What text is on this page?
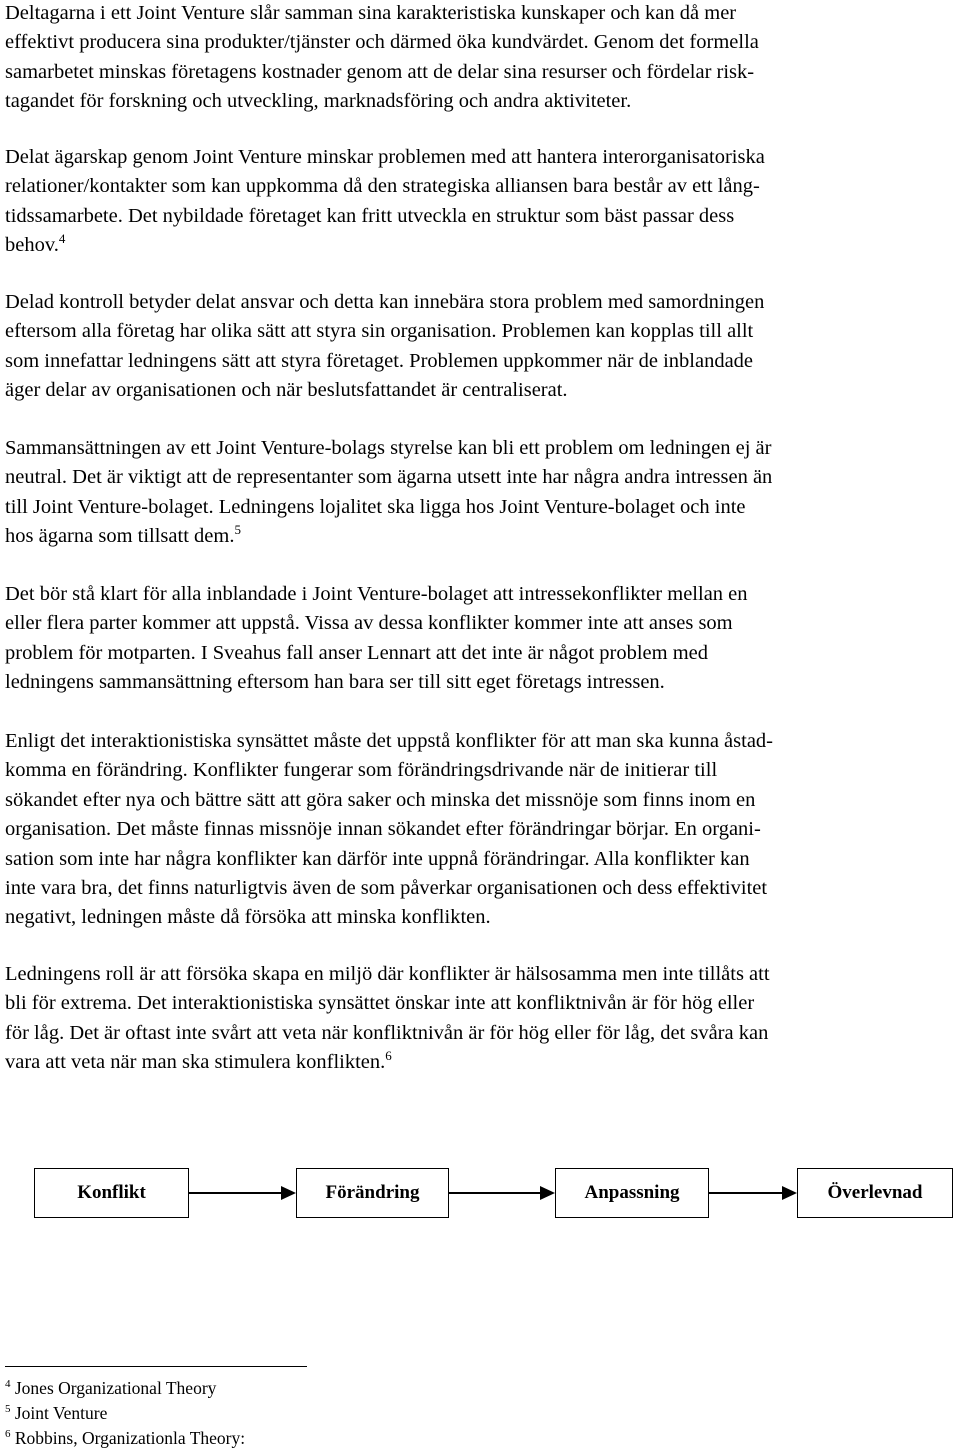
Deltagarna i ett Joint Venture slår samman sina karakteristiska kunskaper och kan då mer
effektivt producera sina produkter/tjänster och därmed öka kundvärdet. Genom det formella
samarbetet minskas företagens kostnader genom att de delar sina resurser och fördelar risk-
tagandet för forskning och utveckling, marknadsföring och andra aktiviteter.

Delat ägarskap genom Joint Venture minskar problemen med att hantera interorganisatoriska
relationer/kontakter som kan uppkomma då den strategiska alliansen bara består av ett lång-
tidssamarbete. Det nybildade företaget kan fritt utveckla en struktur som bäst passar dess
behov.$^4$

Delad kontroll betyder delat ansvar och detta kan innebära stora problem med samordningen
eftersom alla företag har olika sätt att styra sin organisation. Problemen kan kopplas till allt
som innefattar ledningens sätt att styra företaget. Problemen uppkommer när de inblandade
äger delar av organisationen och när beslutsfattandet är centraliserat.

Sammansättningen av ett Joint Venture-bolags styrelse kan bli ett problem om ledningen ej är
neutral. Det är viktigt att de representanter som ägarna utsett inte har några andra intressen än
till Joint Venture-bolaget. Ledningens lojalitet ska ligga hos Joint Venture-bolaget och inte
hos ägarna som tillsatt dem.$^5$

Det bör stå klart för alla inblandade i Joint Venture-bolaget att intressekonflikter mellan en
eller flera parter kommer att uppstå. Vissa av dessa konflikter kommer inte att anses som
problem för motparten. I Sveahus fall anser Lennart att det inte är något problem med
ledningens sammansättning eftersom han bara ser till sitt eget företags intressen.

Enligt det interaktionistiska synsättet måste det uppstå konflikter för att man ska kunna åstad-
komma en förändring. Konflikter fungerar som förändringsdrivande när de initierar till
sökandet efter nya och bättre sätt att göra saker och minska det missnöje som finns inom en
organisation. Det måste finnas missnöje innan sökandet efter förändringar börjar. En organi-
sation som inte har några konflikter kan därför inte uppnå förändringar. Alla konflikter kan
inte vara bra, det finns naturligtvis även de som påverkar organisationen och dess effektivitet
negativt, ledningen måste då försöka att minska konflikten.

Ledningens roll är att försöka skapa en miljö där konflikter är hälsosamma men inte tillåts att
bli för extrema. Det interaktionistiska synsättet önskar inte att konfliktnivån är för hög eller
för låg. Det är oftast inte svårt att veta när konfliktnivån är för hög eller för låg, det svåra kan
vara att veta när man ska stimulera konflikten.$^6$

Konflikt	Förändring	Anpassning	Överlevnad
$^4$ Jones Organizational Theory
$^5$ Joint Venture
$^6$ Robbins, Organizationla Theory:
